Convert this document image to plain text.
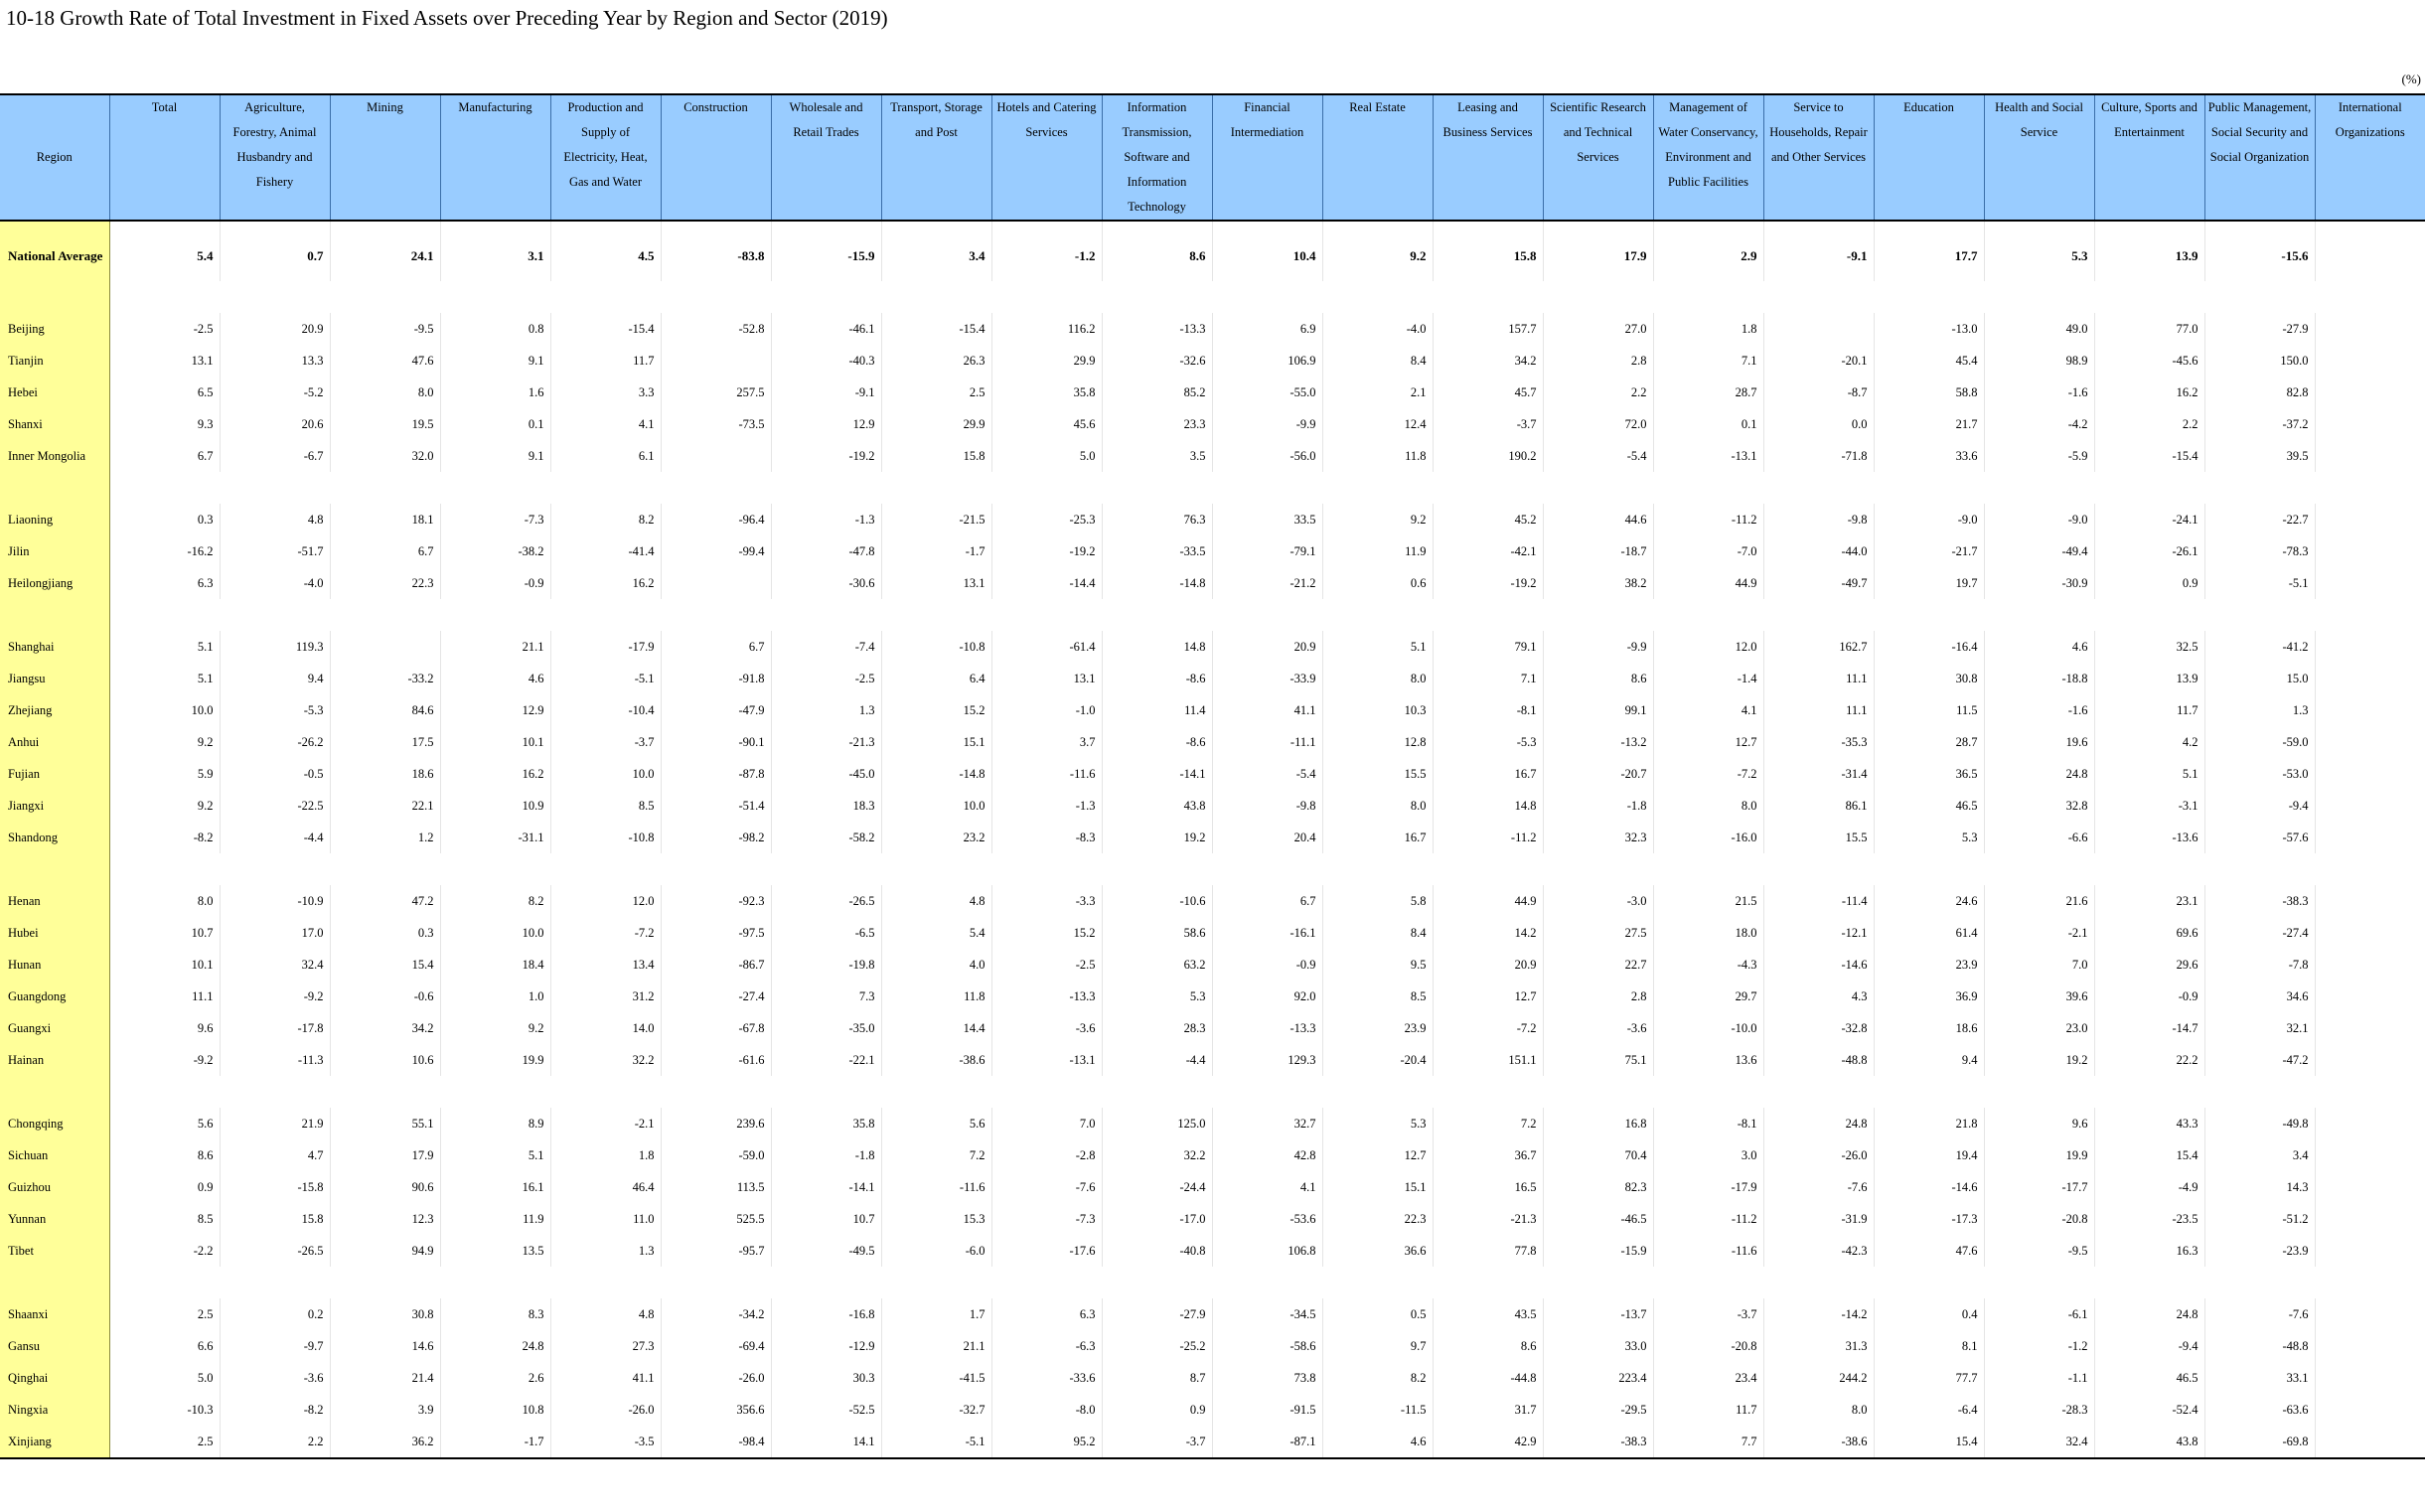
10-18 Growth Rate of Total Investment in Fixed Assets over Preceding Year by Region and Sector (2019)
(%)
Region	Total	Agriculture, Forestry, Animal Husbandry and Fishery	Mining	Manufacturing	Production and Supply of Electricity, Heat, Gas and Water	Construction	Wholesale and Retail Trades	Transport, Storage and Post	Hotels and Catering Services	Information Transmission, Software and Information Technology	Financial Intermediation	Real Estate	Leasing and Business Services	Scientific Research and Technical Services	Management of Water Conservancy, Environment and Public Facilities	Service to Households, Repair and Other Services	Education	Health and Social Service	Culture, Sports and Entertainment	Public Management, Social Security and Social Organization	International Organizations
National Average	5.4	0.7	24.1	3.1	4.5	-83.8	-15.9	3.4	-1.2	8.6	10.4	9.2	15.8	17.9	2.9	-9.1	17.7	5.3	13.9	-15.6	

Beijing	-2.5	20.9	-9.5	0.8	-15.4	-52.8	-46.1	-15.4	116.2	-13.3	6.9	-4.0	157.7	27.0	1.8		-13.0	49.0	77.0	-27.9	
Tianjin	13.1	13.3	47.6	9.1	11.7		-40.3	26.3	29.9	-32.6	106.9	8.4	34.2	2.8	7.1	-20.1	45.4	98.9	-45.6	150.0	
Hebei	6.5	-5.2	8.0	1.6	3.3	257.5	-9.1	2.5	35.8	85.2	-55.0	2.1	45.7	2.2	28.7	-8.7	58.8	-1.6	16.2	82.8	
Shanxi	9.3	20.6	19.5	0.1	4.1	-73.5	12.9	29.9	45.6	23.3	-9.9	12.4	-3.7	72.0	0.1	0.0	21.7	-4.2	2.2	-37.2	
Inner Mongolia	6.7	-6.7	32.0	9.1	6.1		-19.2	15.8	5.0	3.5	-56.0	11.8	190.2	-5.4	-13.1	-71.8	33.6	-5.9	-15.4	39.5	

Liaoning	0.3	4.8	18.1	-7.3	8.2	-96.4	-1.3	-21.5	-25.3	76.3	33.5	9.2	45.2	44.6	-11.2	-9.8	-9.0	-9.0	-24.1	-22.7	
Jilin	-16.2	-51.7	6.7	-38.2	-41.4	-99.4	-47.8	-1.7	-19.2	-33.5	-79.1	11.9	-42.1	-18.7	-7.0	-44.0	-21.7	-49.4	-26.1	-78.3	
Heilongjiang	6.3	-4.0	22.3	-0.9	16.2		-30.6	13.1	-14.4	-14.8	-21.2	0.6	-19.2	38.2	44.9	-49.7	19.7	-30.9	0.9	-5.1	

Shanghai	5.1	119.3		21.1	-17.9	6.7	-7.4	-10.8	-61.4	14.8	20.9	5.1	79.1	-9.9	12.0	162.7	-16.4	4.6	32.5	-41.2	
Jiangsu	5.1	9.4	-33.2	4.6	-5.1	-91.8	-2.5	6.4	13.1	-8.6	-33.9	8.0	7.1	8.6	-1.4	11.1	30.8	-18.8	13.9	15.0	
Zhejiang	10.0	-5.3	84.6	12.9	-10.4	-47.9	1.3	15.2	-1.0	11.4	41.1	10.3	-8.1	99.1	4.1	11.1	11.5	-1.6	11.7	1.3	
Anhui	9.2	-26.2	17.5	10.1	-3.7	-90.1	-21.3	15.1	3.7	-8.6	-11.1	12.8	-5.3	-13.2	12.7	-35.3	28.7	19.6	4.2	-59.0	
Fujian	5.9	-0.5	18.6	16.2	10.0	-87.8	-45.0	-14.8	-11.6	-14.1	-5.4	15.5	16.7	-20.7	-7.2	-31.4	36.5	24.8	5.1	-53.0	
Jiangxi	9.2	-22.5	22.1	10.9	8.5	-51.4	18.3	10.0	-1.3	43.8	-9.8	8.0	14.8	-1.8	8.0	86.1	46.5	32.8	-3.1	-9.4	
Shandong	-8.2	-4.4	1.2	-31.1	-10.8	-98.2	-58.2	23.2	-8.3	19.2	20.4	16.7	-11.2	32.3	-16.0	15.5	5.3	-6.6	-13.6	-57.6	

Henan	8.0	-10.9	47.2	8.2	12.0	-92.3	-26.5	4.8	-3.3	-10.6	6.7	5.8	44.9	-3.0	21.5	-11.4	24.6	21.6	23.1	-38.3	
Hubei	10.7	17.0	0.3	10.0	-7.2	-97.5	-6.5	5.4	15.2	58.6	-16.1	8.4	14.2	27.5	18.0	-12.1	61.4	-2.1	69.6	-27.4	
Hunan	10.1	32.4	15.4	18.4	13.4	-86.7	-19.8	4.0	-2.5	63.2	-0.9	9.5	20.9	22.7	-4.3	-14.6	23.9	7.0	29.6	-7.8	
Guangdong	11.1	-9.2	-0.6	1.0	31.2	-27.4	7.3	11.8	-13.3	5.3	92.0	8.5	12.7	2.8	29.7	4.3	36.9	39.6	-0.9	34.6	
Guangxi	9.6	-17.8	34.2	9.2	14.0	-67.8	-35.0	14.4	-3.6	28.3	-13.3	23.9	-7.2	-3.6	-10.0	-32.8	18.6	23.0	-14.7	32.1	
Hainan	-9.2	-11.3	10.6	19.9	32.2	-61.6	-22.1	-38.6	-13.1	-4.4	129.3	-20.4	151.1	75.1	13.6	-48.8	9.4	19.2	22.2	-47.2	

Chongqing	5.6	21.9	55.1	8.9	-2.1	239.6	35.8	5.6	7.0	125.0	32.7	5.3	7.2	16.8	-8.1	24.8	21.8	9.6	43.3	-49.8	
Sichuan	8.6	4.7	17.9	5.1	1.8	-59.0	-1.8	7.2	-2.8	32.2	42.8	12.7	36.7	70.4	3.0	-26.0	19.4	19.9	15.4	3.4	
Guizhou	0.9	-15.8	90.6	16.1	46.4	113.5	-14.1	-11.6	-7.6	-24.4	4.1	15.1	16.5	82.3	-17.9	-7.6	-14.6	-17.7	-4.9	14.3	
Yunnan	8.5	15.8	12.3	11.9	11.0	525.5	10.7	15.3	-7.3	-17.0	-53.6	22.3	-21.3	-46.5	-11.2	-31.9	-17.3	-20.8	-23.5	-51.2	
Tibet	-2.2	-26.5	94.9	13.5	1.3	-95.7	-49.5	-6.0	-17.6	-40.8	106.8	36.6	77.8	-15.9	-11.6	-42.3	47.6	-9.5	16.3	-23.9	

Shaanxi	2.5	0.2	30.8	8.3	4.8	-34.2	-16.8	1.7	6.3	-27.9	-34.5	0.5	43.5	-13.7	-3.7	-14.2	0.4	-6.1	24.8	-7.6	
Gansu	6.6	-9.7	14.6	24.8	27.3	-69.4	-12.9	21.1	-6.3	-25.2	-58.6	9.7	8.6	33.0	-20.8	31.3	8.1	-1.2	-9.4	-48.8	
Qinghai	5.0	-3.6	21.4	2.6	41.1	-26.0	30.3	-41.5	-33.6	8.7	73.8	8.2	-44.8	223.4	23.4	244.2	77.7	-1.1	46.5	33.1	
Ningxia	-10.3	-8.2	3.9	10.8	-26.0	356.6	-52.5	-32.7	-8.0	0.9	-91.5	-11.5	31.7	-29.5	11.7	8.0	-6.4	-28.3	-52.4	-63.6	
Xinjiang	2.5	2.2	36.2	-1.7	-3.5	-98.4	14.1	-5.1	95.2	-3.7	-87.1	4.6	42.9	-38.3	7.7	-38.6	15.4	32.4	43.8	-69.8	
